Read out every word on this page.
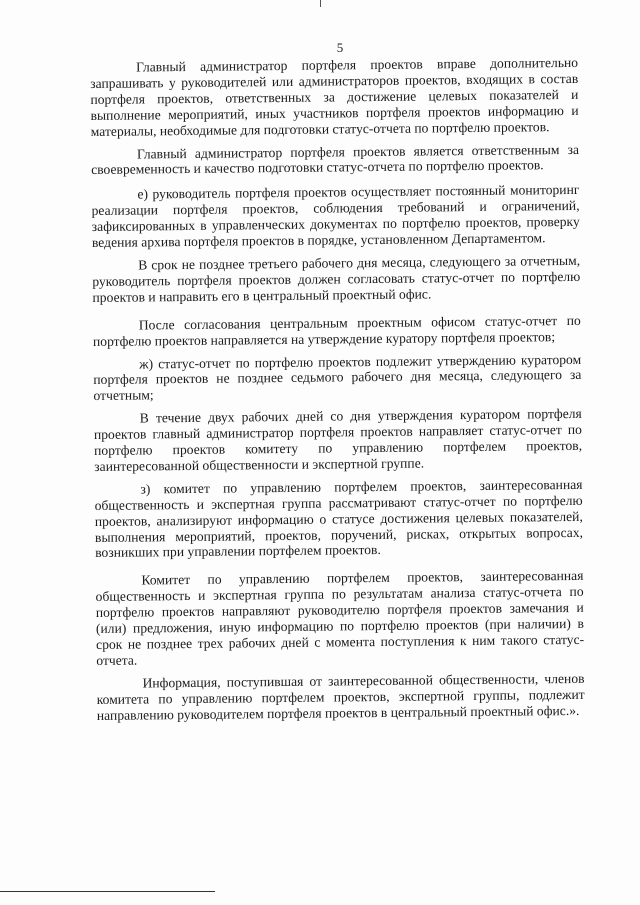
5

Главный администратор портфеля проектов вправе дополнительно запрашивать у руководителей или администраторов проектов, входящих в состав портфеля проектов, ответственных за достижение целевых показателей и выполнение мероприятий, иных участников портфеля проектов информацию и материалы, необходимые для подготовки статус-отчета по портфелю проектов.

Главный администратор портфеля проектов является ответственным за своевременность и качество подготовки статус-отчета по портфелю проектов.

е) руководитель портфеля проектов осуществляет постоянный мониторинг реализации портфеля проектов, соблюдения требований и ограничений, зафиксированных в управленческих документах по портфелю проектов, проверку ведения архива портфеля проектов в порядке, установленном Департаментом.

В срок не позднее третьего рабочего дня месяца, следующего за отчетным, руководитель портфеля проектов должен согласовать статус-отчет по портфелю проектов и направить его в центральный проектный офис.

После согласования центральным проектным офисом статус-отчет по портфелю проектов направляется на утверждение куратору портфеля проектов;

ж) статус-отчет по портфелю проектов подлежит утверждению куратором портфеля проектов не позднее седьмого рабочего дня месяца, следующего за отчетным;

В течение двух рабочих дней со дня утверждения куратором портфеля проектов главный администратор портфеля проектов направляет статус-отчет по портфелю проектов комитету по управлению портфелем проектов, заинтересованной общественности и экспертной группе.

з) комитет по управлению портфелем проектов, заинтересованная общественность и экспертная группа рассматривают статус-отчет по портфелю проектов, анализируют информацию о статусе достижения целевых показателей, выполнения мероприятий, проектов, поручений, рисках, открытых вопросах, возникших при управлении портфелем проектов.

Комитет по управлению портфелем проектов, заинтересованная общественность и экспертная группа по результатам анализа статус-отчета по портфелю проектов направляют руководителю портфеля проектов замечания и (или) предложения, иную информацию по портфелю проектов (при наличии) в срок не позднее трех рабочих дней с момента поступления к ним такого статус-отчета.

Информация, поступившая от заинтересованной общественности, членов комитета по управлению портфелем проектов, экспертной группы, подлежит направлению руководителем портфеля проектов в центральный проектный офис.».
